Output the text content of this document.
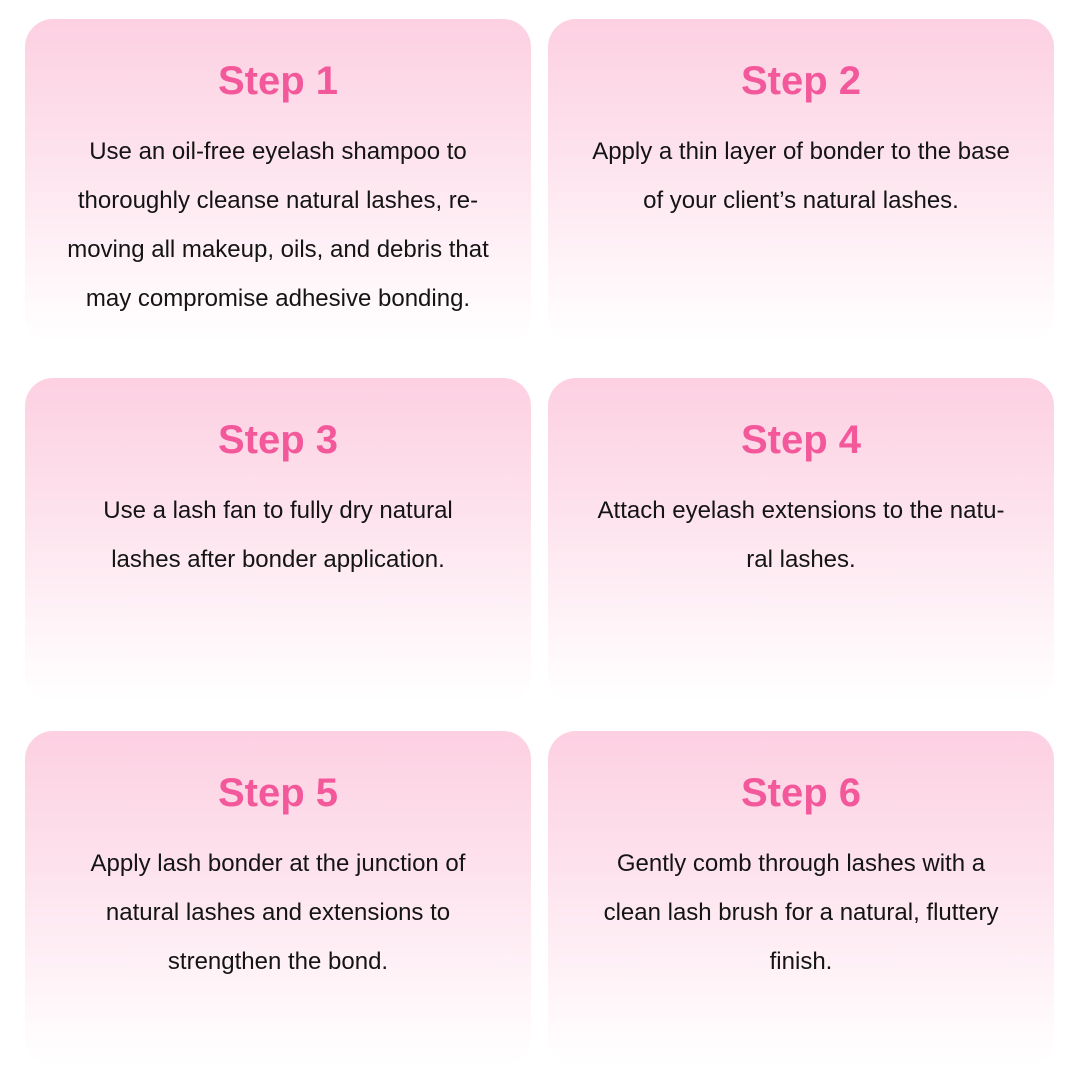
Step 1

Use an oil-free eyelash shampoo to
thoroughly cleanse natural lashes, re-
moving all makeup, oils, and debris that
may compromise adhesive bonding.

Step 2

Apply a thin layer of bonder to the base
of your client’s natural lashes.

Step 3

Use a lash fan to fully dry natural
lashes after bonder application.

Step 4

Attach eyelash extensions to the natu-
ral lashes.

Step 5

Apply lash bonder at the junction of
natural lashes and extensions to
strengthen the bond.

Step 6

Gently comb through lashes with a
clean lash brush for a natural, fluttery
finish.
